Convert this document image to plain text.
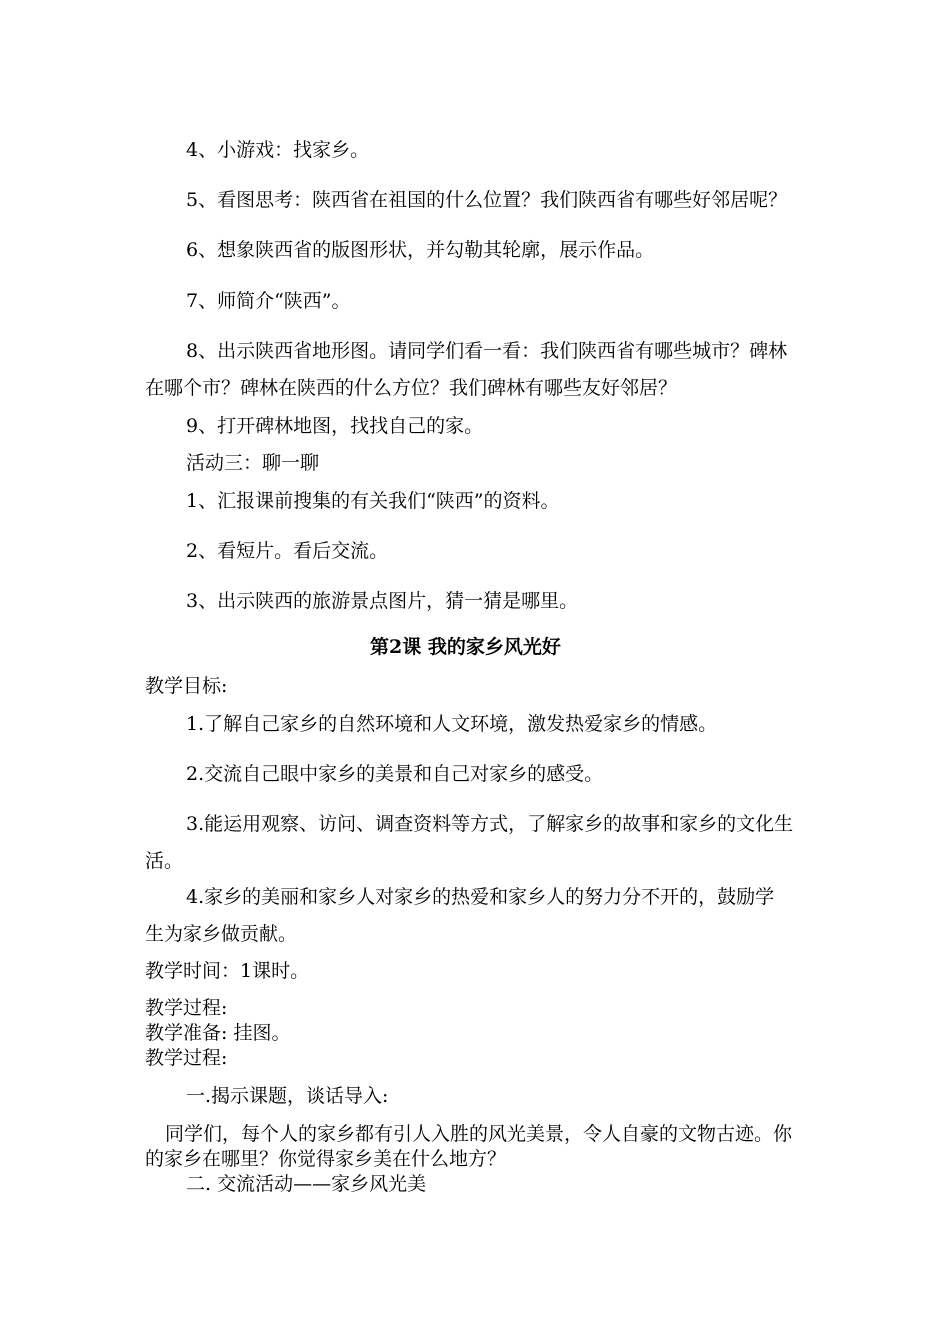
4、小游戏：找家乡。

5、看图思考：陕西省在祖国的什么位置？我们陕西省有哪些好邻居呢？

6、想象陕西省的版图形状，并勾勒其轮廓，展示作品。

7、师简介“陕西”。

8、出示陕西省地形图。请同学们看一看：我们陕西省有哪些城市？碑林

在哪个市？碑林在陕西的什么方位？我们碑林有哪些友好邻居？

9、打开碑林地图，找找自己的家。

活动三：聊一聊

1、汇报课前搜集的有关我们“陕西”的资料。

2、看短片。看后交流。

3、出示陕西的旅游景点图片，猜一猜是哪里。

第2课 我的家乡风光好

教学目标:

1.了解自己家乡的自然环境和人文环境，激发热爱家乡的情感。

2.交流自己眼中家乡的美景和自己对家乡的感受。

3.能运用观察、访问、调查资料等方式，了解家乡的故事和家乡的文化生

活。

4.家乡的美丽和家乡人对家乡的热爱和家乡人的努力分不开的，鼓励学

生为家乡做贡献。

教学时间：1课时。

教学过程:

教学准备: 挂图。

教学过程:

一.揭示课题，谈话导入:

同学们，每个人的家乡都有引人入胜的风光美景，令人自豪的文物古迹。你

的家乡在哪里？你觉得家乡美在什么地方？

二. 交流活动——家乡风光美
